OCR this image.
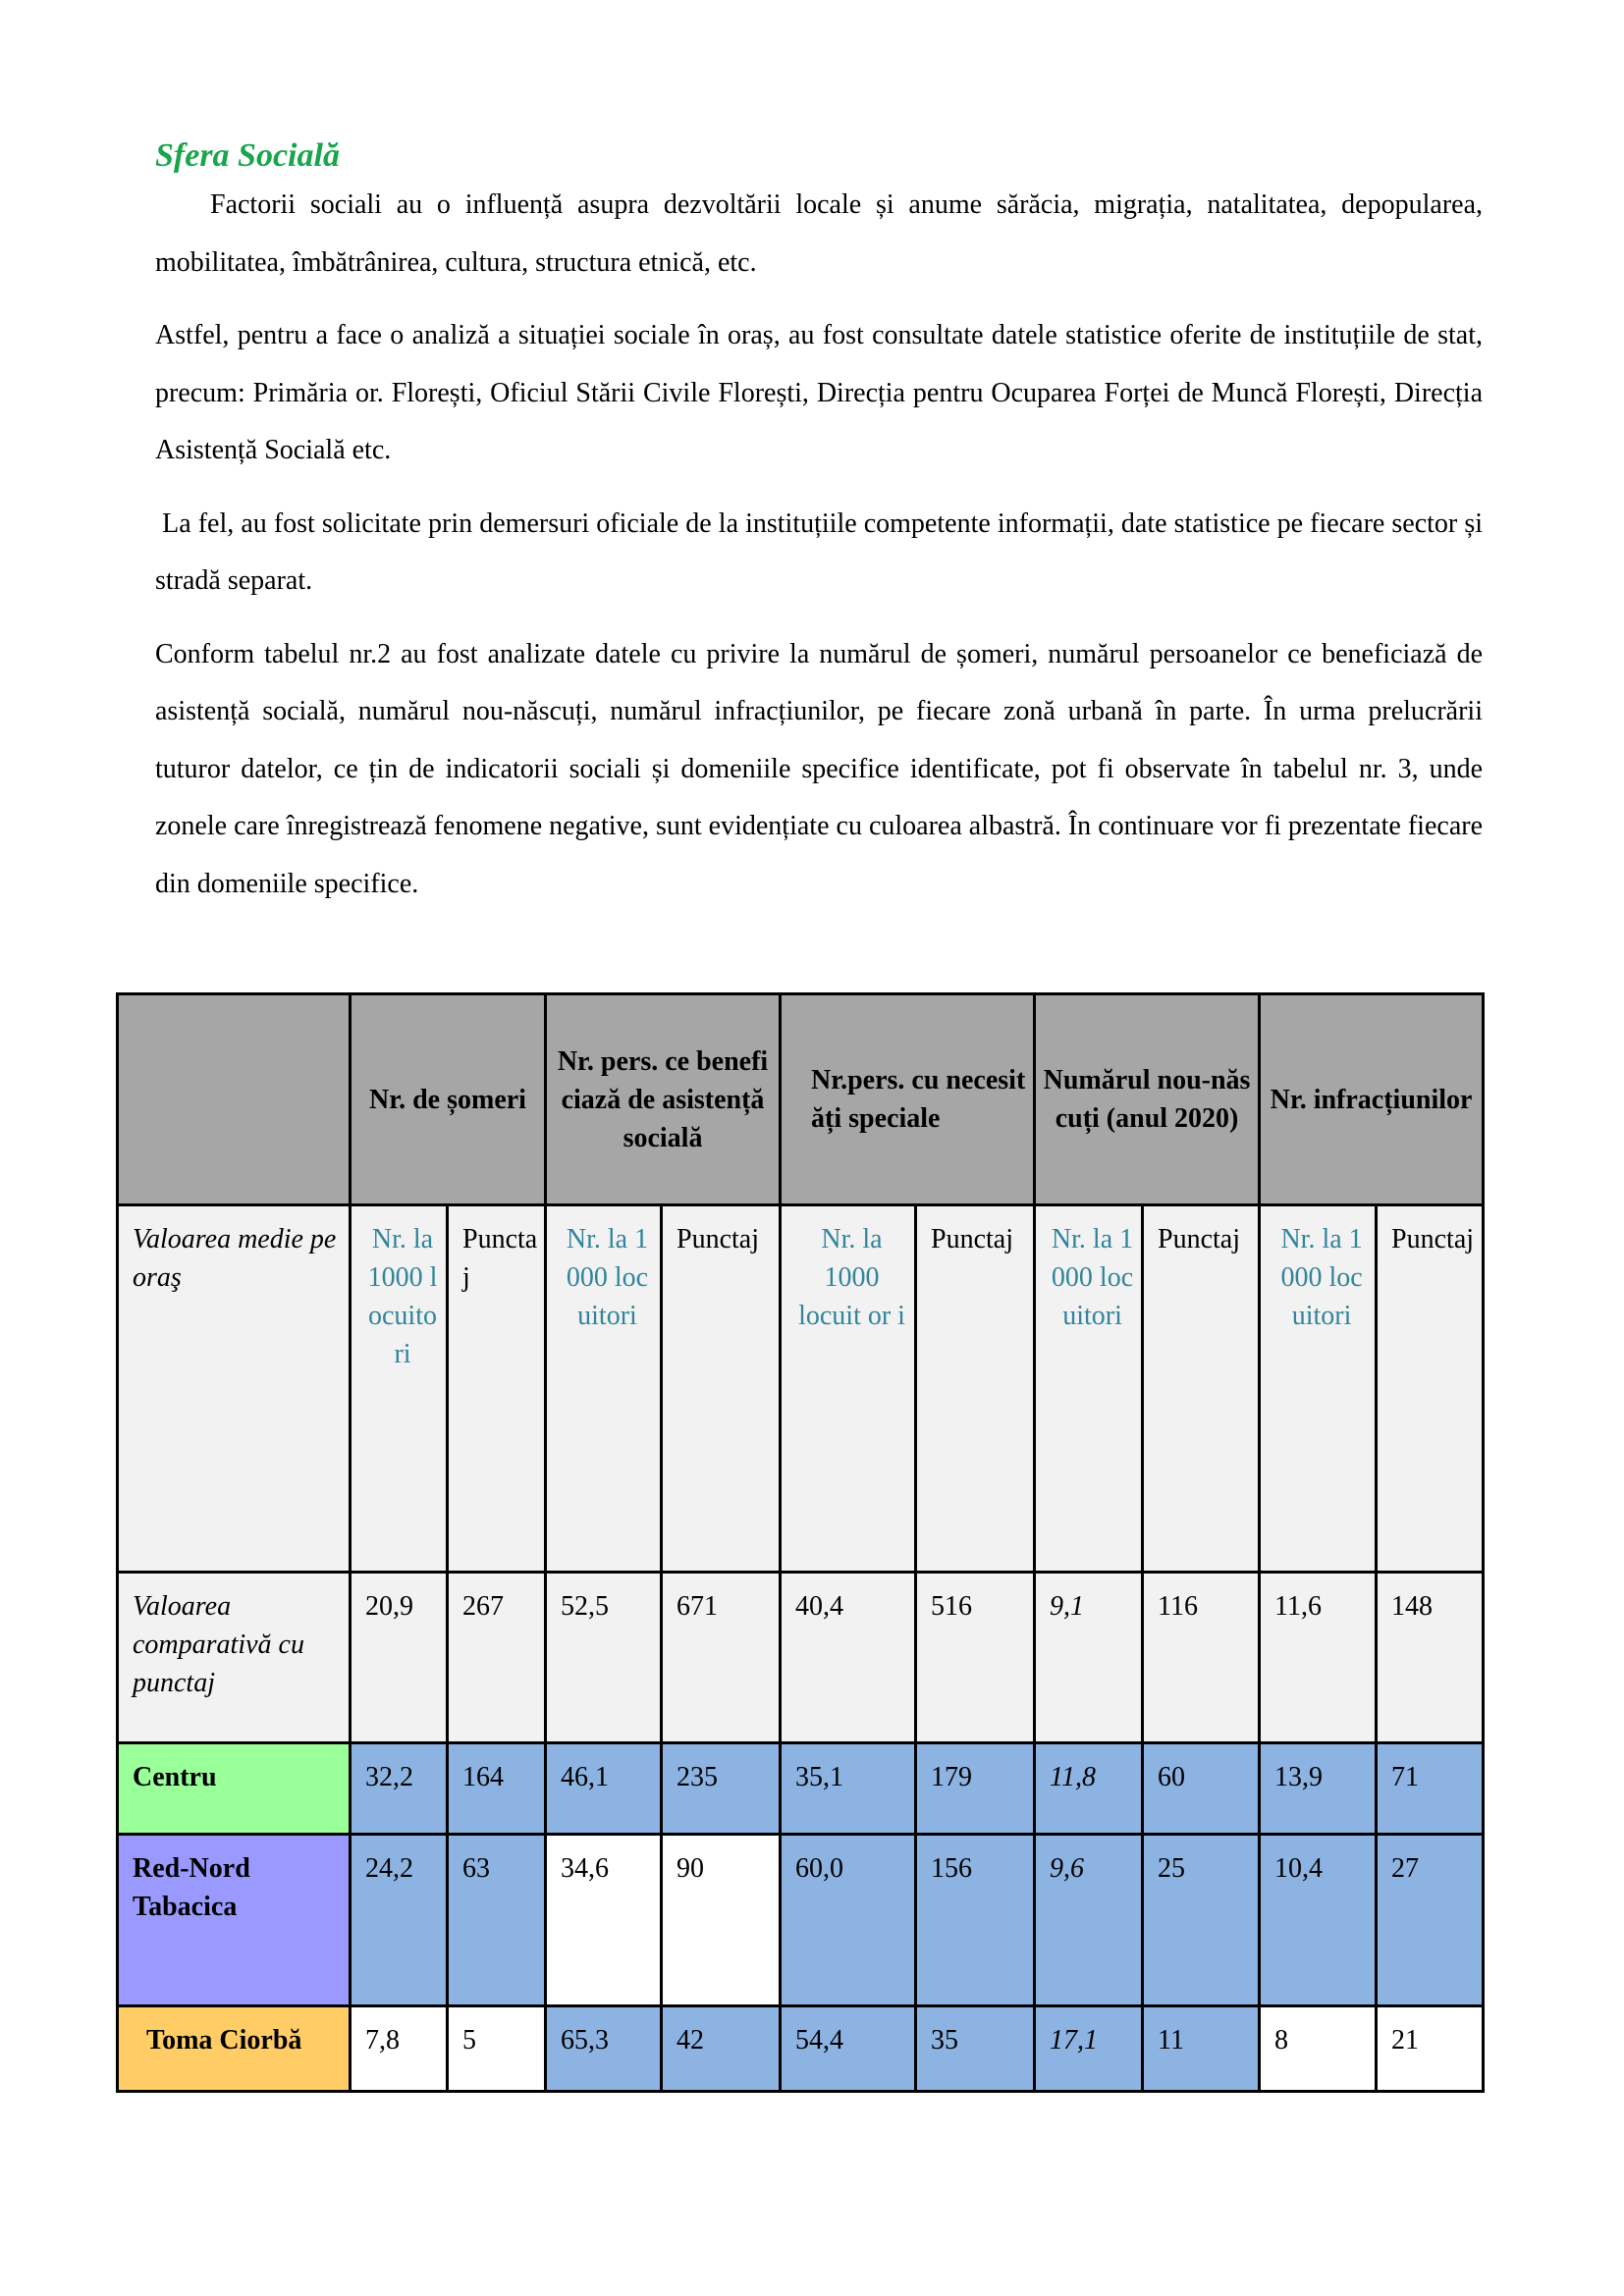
Sfera Socială

Factorii sociali au o influență asupra dezvoltării locale și anume sărăcia, migrația, natalitatea, depopularea, mobilitatea, îmbătrânirea, cultura, structura etnică, etc.

Astfel, pentru a face o analiză a situației sociale în oraș, au fost consultate datele statistice oferite de instituțiile de stat, precum: Primăria or. Florești, Oficiul Stării Civile Florești, Direcția pentru Ocuparea Forței de Muncă Florești, Direcția Asistență Socială etc.

La fel, au fost solicitate prin demersuri oficiale de la instituțiile competente informații, date statistice pe fiecare sector și stradă separat.

Conform tabelul nr.2 au fost analizate datele cu privire la numărul de șomeri, numărul persoanelor ce beneficiază de asistență socială, numărul nou-născuți, numărul infracțiunilor, pe fiecare zonă urbană în parte. În urma prelucrării tuturor datelor, ce țin de indicatorii sociali și domeniile specifice identificate, pot fi observate în tabelul nr. 3, unde zonele care înregistrează fenomene negative, sunt evidențiate cu culoarea albastră. În continuare vor fi prezentate fiecare din domeniile specifice.

	Nr. de șomeri		Nr. pers. ce beneficiază de asistență socială		Nr.pers. cu necesități speciale		Numărul nou-născuți (anul 2020)		Nr. infracțiunilor	
Valoarea medie pe oraş	Nr. la 1000 locuitori	Punctaj	Nr. la 1000 locuitori	Punctaj	Nr. la 1000 locuit or i	Punctaj	Nr. la 1000 locuitori	Punctaj	Nr. la 1000 locuitori	Punctaj
Valoarea comparativă cu punctaj	20,9	267	52,5	671	40,4	516	9,1	116	11,6	148
Centru	32,2	164	46,1	235	35,1	179	11,8	60	13,9	71
Red-Nord Tabacica	24,2	63	34,6	90	60,0	156	9,6	25	10,4	27
Toma Ciorbă	7,8	5	65,3	42	54,4	35	17,1	11	8	21
